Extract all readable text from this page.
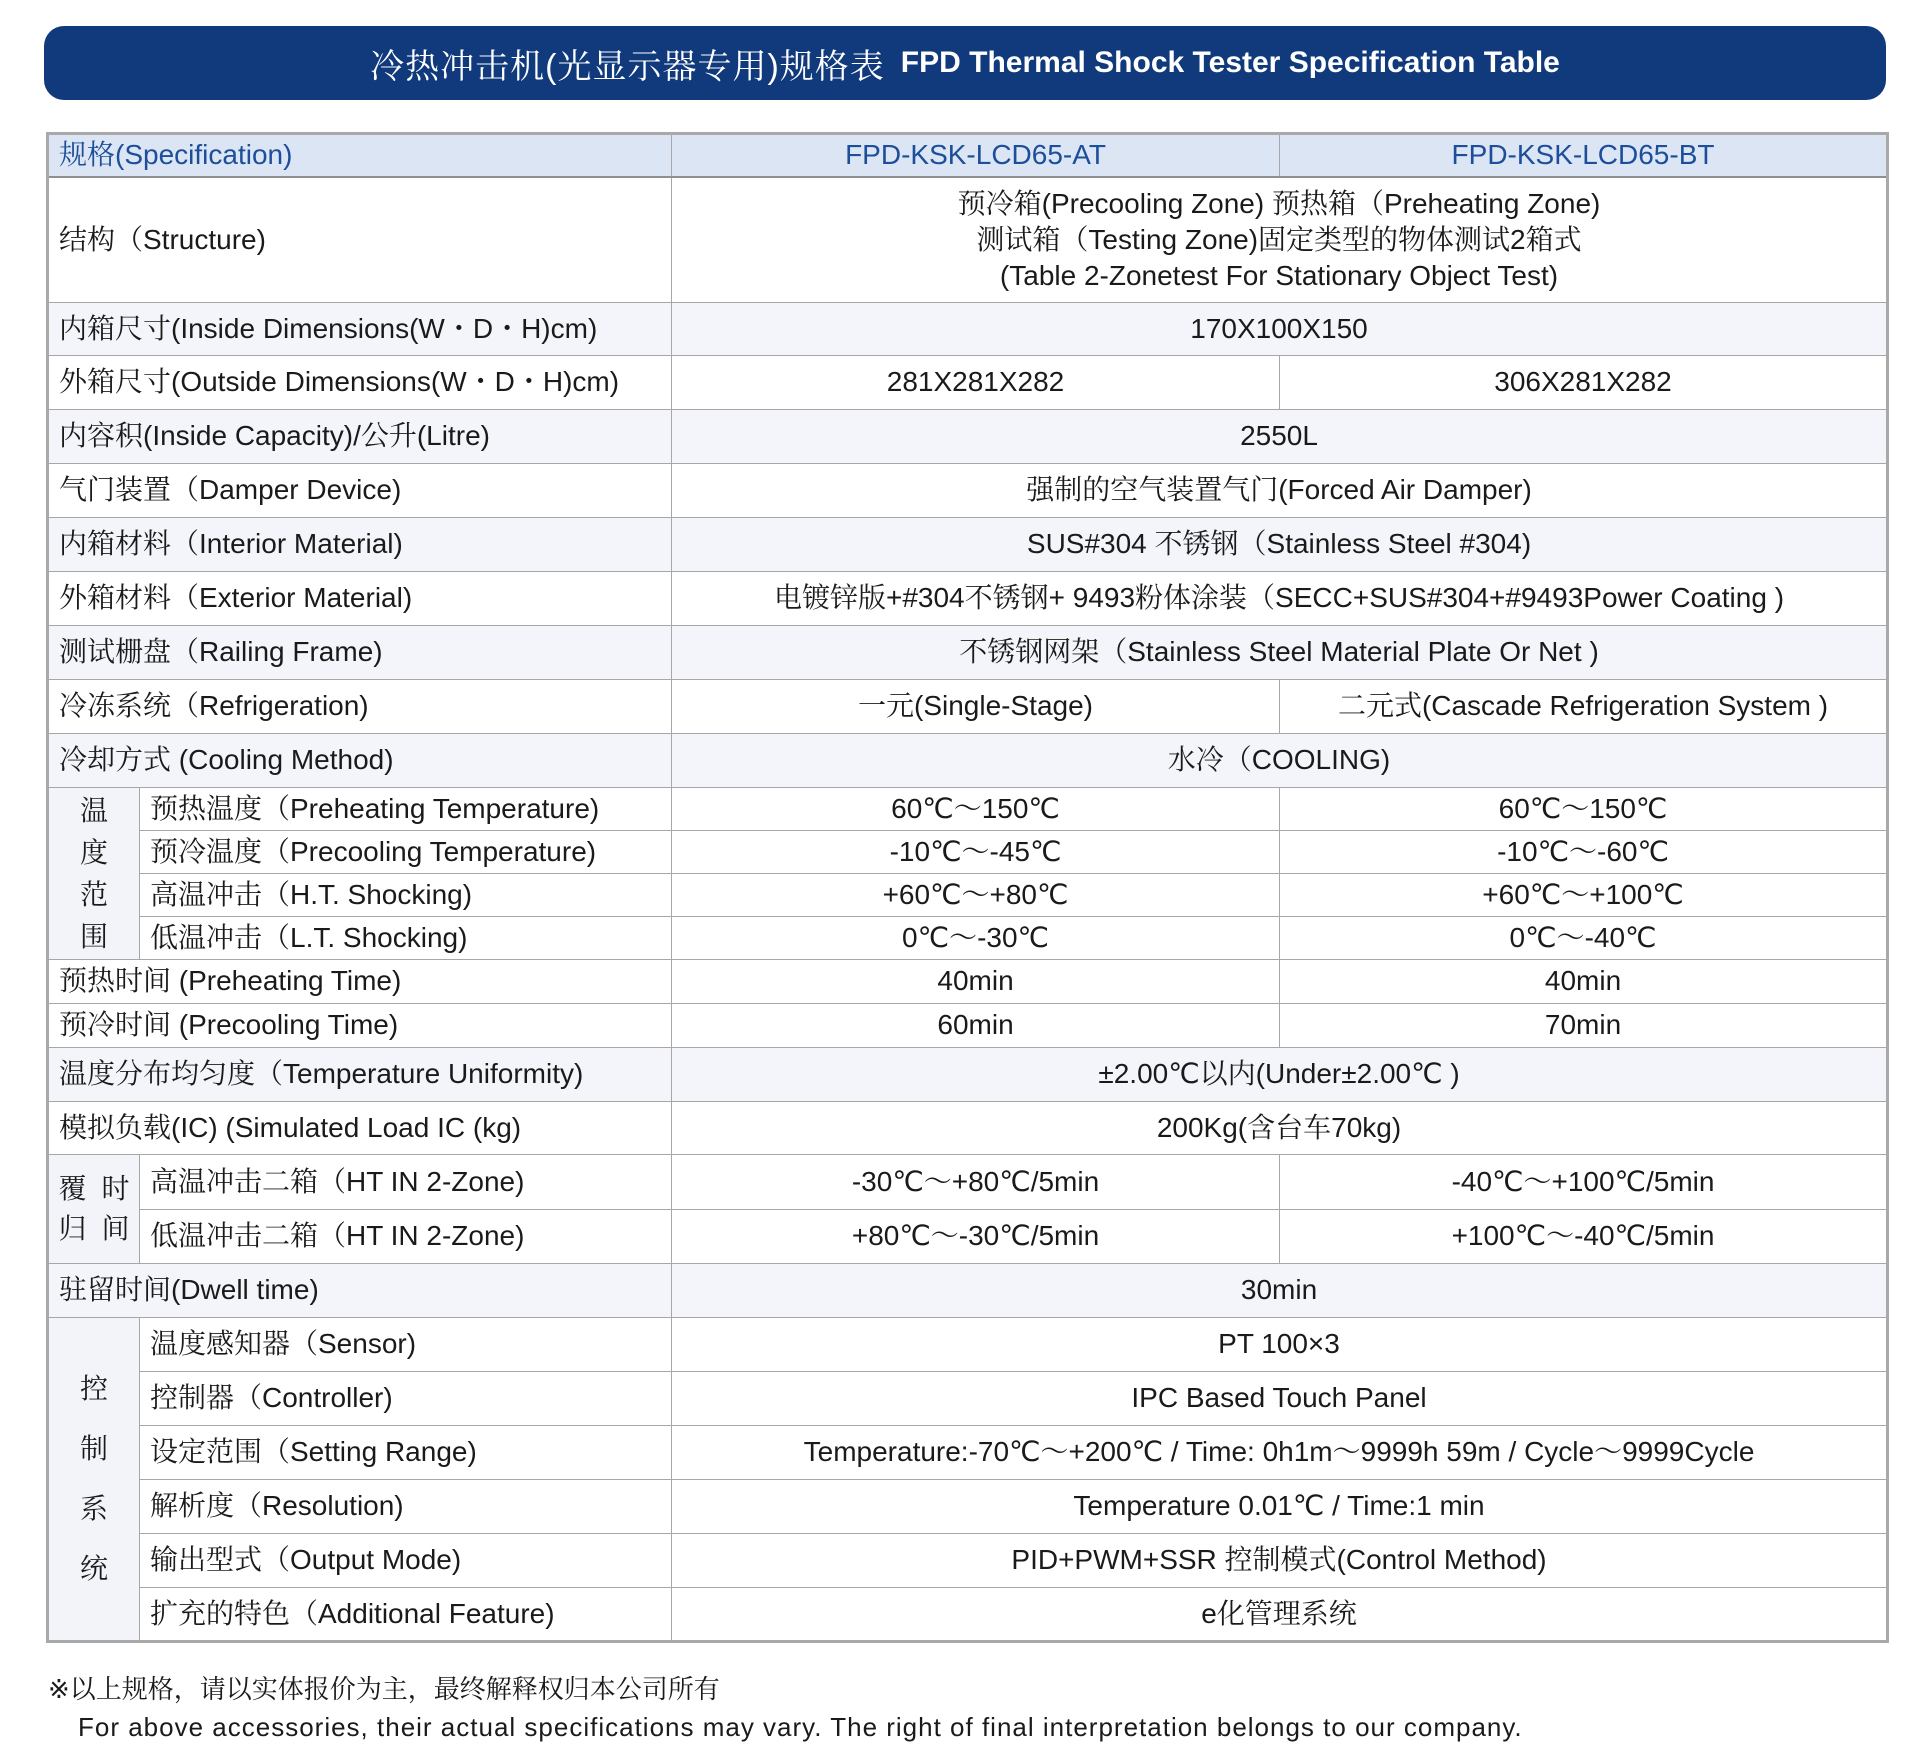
冷热冲击机(光显示器专用)规格表 FPD Thermal Shock Tester Specification Table
规格(Specification)		FPD-KSK-LCD65-AT	FPD-KSK-LCD65-BT
结构（Structure)		预冷箱(Precooling Zone) 预热箱（Preheating Zone)
测试箱（Testing Zone)固定类型的物体测试2箱式
(Table 2-Zonetest For Stationary Object Test)	

内箱尺寸(Inside Dimensions(W・D・H)cm)		170X100X150	
外箱尺寸(Outside Dimensions(W・D・H)cm)		281X281X282	306X281X282
内容积(Inside Capacity)/公升(Litre)		2550L	
气门装置（Damper Device)		强制的空气装置气门(Forced Air Damper)	
内箱材料（Interior Material)		SUS#304 不锈钢（Stainless Steel #304)	
外箱材料（Exterior Material)		电镀锌版+#304不锈钢+ 9493粉体涂装（SECC+SUS#304+#9493Power Coating )	
测试栅盘（Railing Frame)		不锈钢网架（Stainless Steel Material Plate Or Net )	
冷冻系统（Refrigeration)		一元(Single-Stage)	二元式(Cascade Refrigeration System )
冷却方式 (Cooling Method)		水冷（COOLING)	

温
度
范
围	预热温度（Preheating Temperature)	60℃～150℃	60℃～150℃
	预冷温度（Precooling Temperature)	-10℃～-45℃	-10℃～-60℃
	高温冲击（H.T. Shocking)	+60℃～+80℃	+60℃～+100℃
	低温冲击（L.T. Shocking)	0℃～-30℃	0℃～-40℃
预热时间 (Preheating Time)		40min	40min
预冷时间 (Precooling Time)		60min	70min
温度分布均匀度（Temperature Uniformity)		±2.00℃以内(Under±2.00℃ )	
模拟负载(IC) (Simulated Load IC (kg)		200Kg(含台车70kg)	

覆 时
归 间	高温冲击二箱（HT IN 2-Zone)	-30℃～+80℃/5min	-40℃～+100℃/5min
	低温冲击二箱（HT IN 2-Zone)	+80℃～-30℃/5min	+100℃～-40℃/5min
驻留时间(Dwell time)		30min	

控
制
系
统	温度感知器（Sensor)	PT 100×3	
	控制器（Controller)	IPC Based Touch Panel	
	设定范围（Setting Range)	Temperature:-70℃～+200℃ / Time: 0h1m～9999h 59m / Cycle～9999Cycle	
	解析度（Resolution)	Temperature 0.01℃ / Time:1 min	
	输出型式（Output Mode)	PID+PWM+SSR 控制模式(Control Method)	
	扩充的特色（Additional Feature)	e化管理系统	
※以上规格，请以实体报价为主，最终解释权归本公司所有
For above accessories, their actual specifications may vary. The right of final interpretation belongs to our company.
